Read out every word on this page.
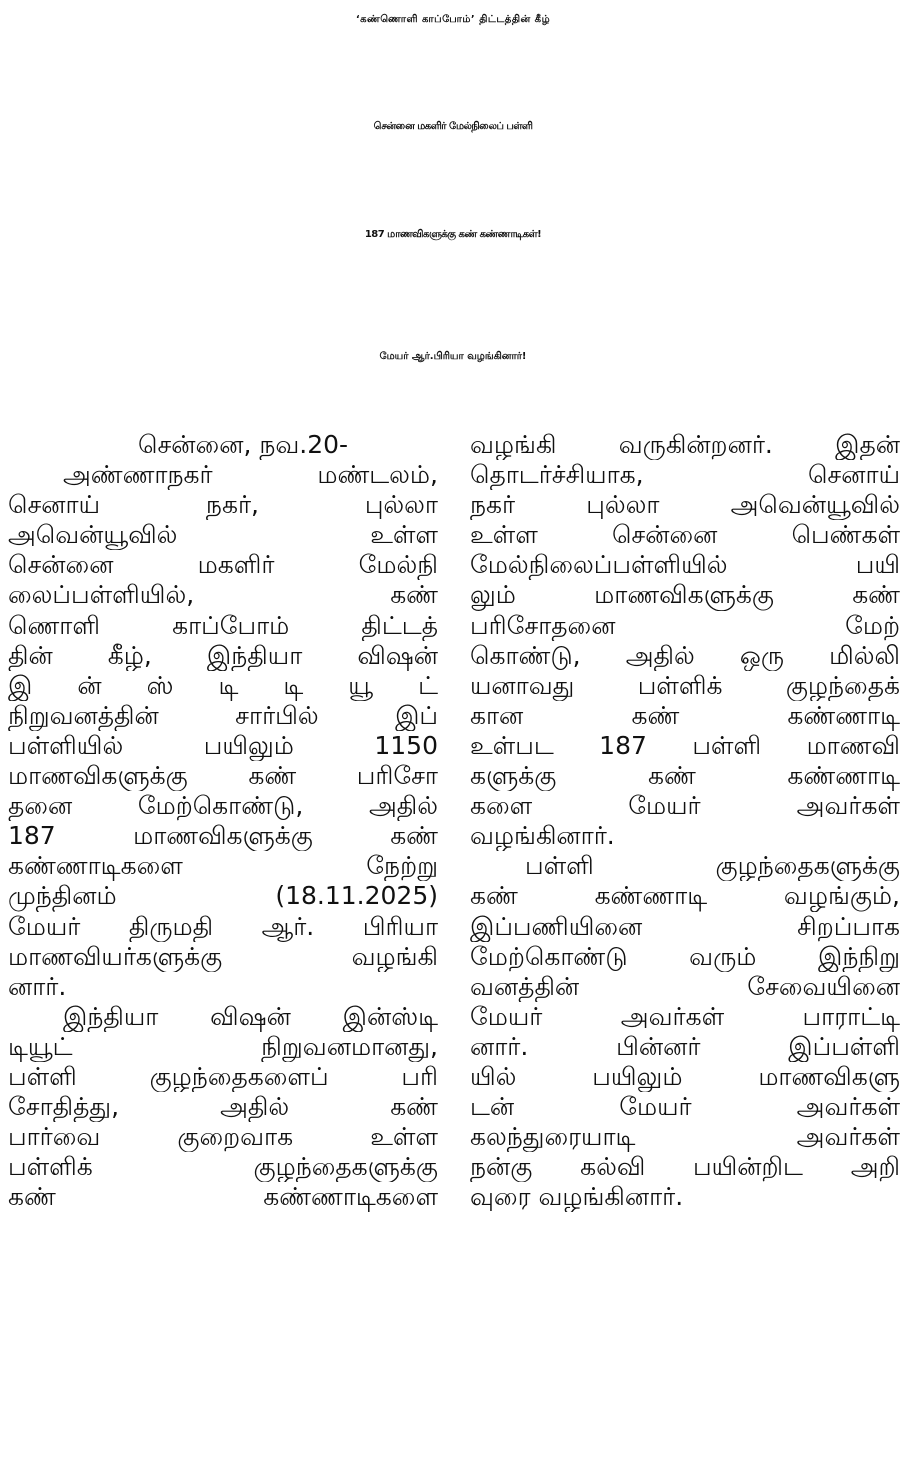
‘கண்ணொளி காப்போம்’ திட்டத்தின் கீழ்
சென்னை மகளிர் மேல்நிலைப் பள்ளி
187 மாணவிகளுக்கு கண் கண்ணாடிகள்!
மேயர் ஆர்.பிரியா வழங்கினார்!
சென்னை, நவ.20-
அண்ணாநகர் மண்டலம்,
செனாய் நகர், புல்லா
அவென்யூவில் உள்ள
சென்னை மகளிர் மேல்நி
லைப்பள்ளியில், கண்
ணொளி காப்போம் திட்டத்
தின் கீழ், இந்தியா விஷன்
இ ன் ஸ் டி டி யூ ட்
நிறுவனத்தின் சார்பில் இப்
பள்ளியில் பயிலும் 1150
மாணவிகளுக்கு கண் பரிசோ
தனை மேற்கொண்டு, அதில்
187 மாணவிகளுக்கு கண்
கண்ணாடிகளை நேற்று
முந்தினம் (18.11.2025)
மேயர் திருமதி ஆர். பிரியா
மாணவியர்களுக்கு வழங்கி
னார்.
இந்தியா விஷன் இன்ஸ்டி
டியூட் நிறுவனமானது,
பள்ளி குழந்தைகளைப் பரி
சோதித்து, அதில் கண்
பார்வை குறைவாக உள்ள
பள்ளிக் குழந்தைகளுக்கு
கண் கண்ணாடிகளை
வழங்கி வருகின்றனர். இதன்
தொடர்ச்சியாக, செனாய்
நகர் புல்லா அவென்யூவில்
உள்ள சென்னை பெண்கள்
மேல்நிலைப்பள்ளியில் பயி
லும் மாணவிகளுக்கு கண்
பரிசோதனை மேற்
கொண்டு, அதில் ஒரு மில்லி
யனாவது பள்ளிக் குழந்தைக்
கான கண் கண்ணாடி
உள்பட 187 பள்ளி மாணவி
களுக்கு கண் கண்ணாடி
களை மேயர் அவர்கள்
வழங்கினார்.
பள்ளி குழந்தைகளுக்கு
கண் கண்ணாடி வழங்கும்,
இப்பணியினை சிறப்பாக
மேற்கொண்டு வரும் இந்நிறு
வனத்தின் சேவையினை
மேயர் அவர்கள் பாராட்டி
னார். பின்னர் இப்பள்ளி
யில் பயிலும் மாணவிகளு
டன் மேயர் அவர்கள்
கலந்துரையாடி அவர்கள்
நன்கு கல்வி பயின்றிட அறி
வுரை வழங்கினார்.
